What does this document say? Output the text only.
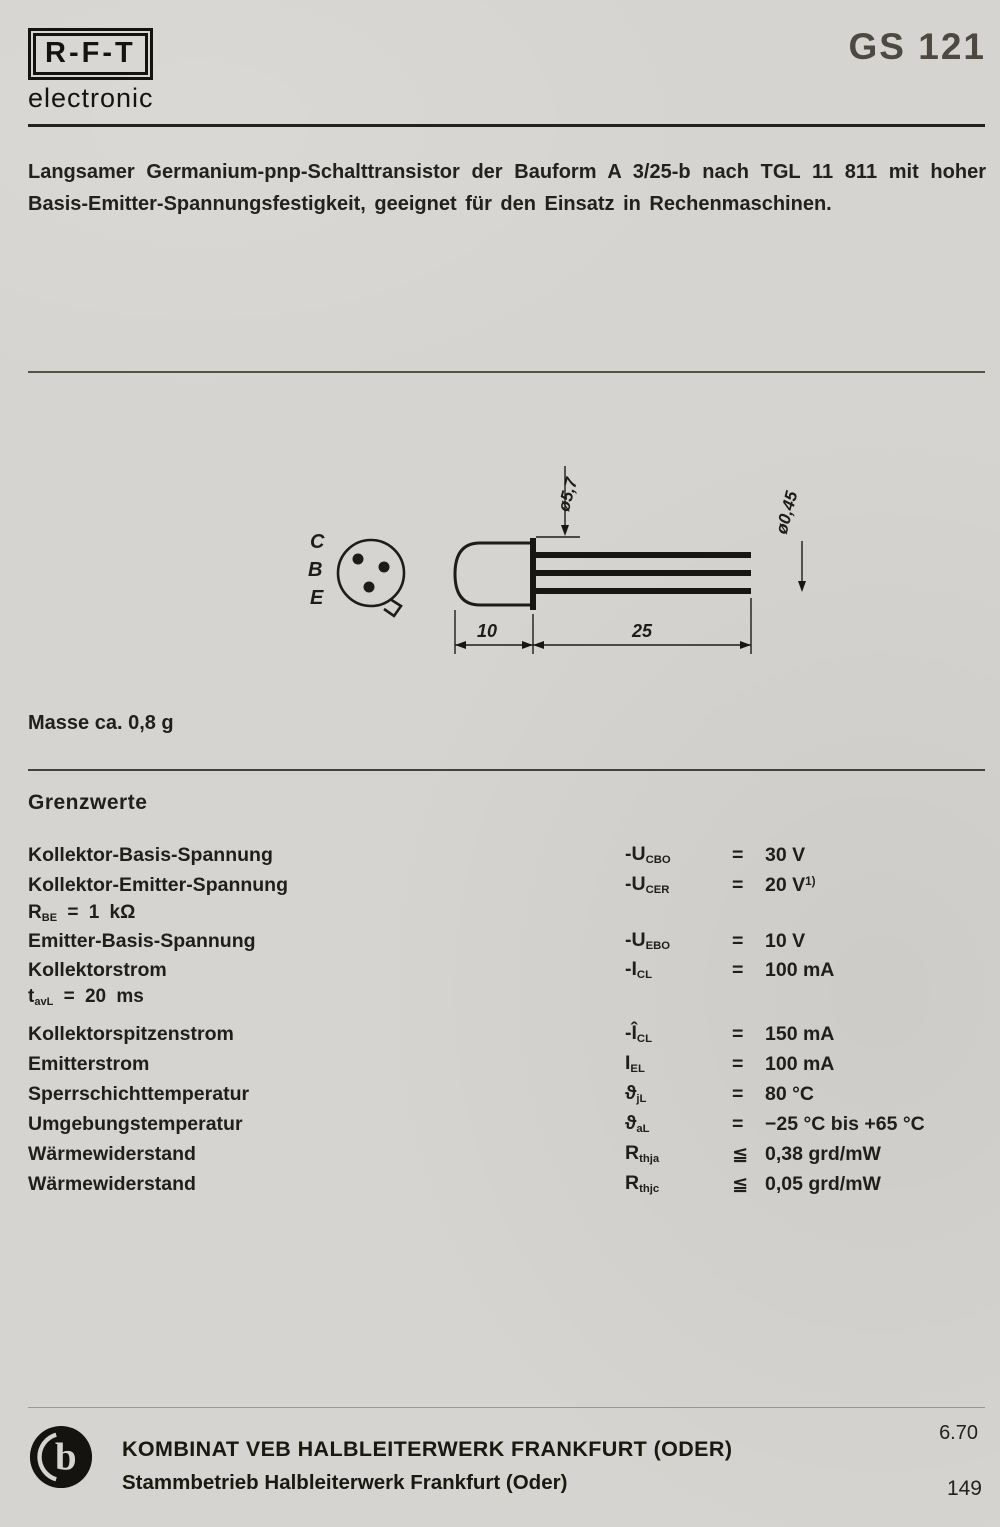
R-F-T
electronic
GS 121

Langsamer Germanium-pnp-Schalttransistor der Bauform A 3/25-b nach TGL 11 811 mit hoher Basis-Emitter-Spannungsfestigkeit, geeignet für den Einsatz in Rechenmaschinen.

C
B
E
ø5,7	ø0,45
10	25
Masse ca. 0,8 g
Grenzwerte
Kollektor-Basis-Spannung	$-U_{CBO}$	=	30 V
Kollektor-Emitter-Spannung	$-U_{CER}$	=	20 $V^{1)}$
$R_{BE} = 1$ kΩ
Emitter-Basis-Spannung	$-U_{EBO}$	=	10 V
Kollektorstrom	$-I_{CL}$	=	100 mA
$t_{avL} = 20$ ms
Kollektorspitzenstrom	$-Î_{CL}$	=	150 mA
Emitterstrom	$I_{EL}$	=	100 mA
Sperrschichttemperatur	$ϑ_{jL}$	=	80 °C
Umgebungstemperatur	$ϑ_{aL}$	=	−25 °C bis +65 °C
Wärmewiderstand	$R_{thja}$	≦ 0,38 grd/mW
Wärmewiderstand	$R_{thjc}$	≦ 0,05 grd/mW
b KOMBINAT VEB HALBLEITERWERK FRANKFURT (ODER)
Stammbetrieb Halbleiterwerk Frankfurt (Oder)
6.70
149
